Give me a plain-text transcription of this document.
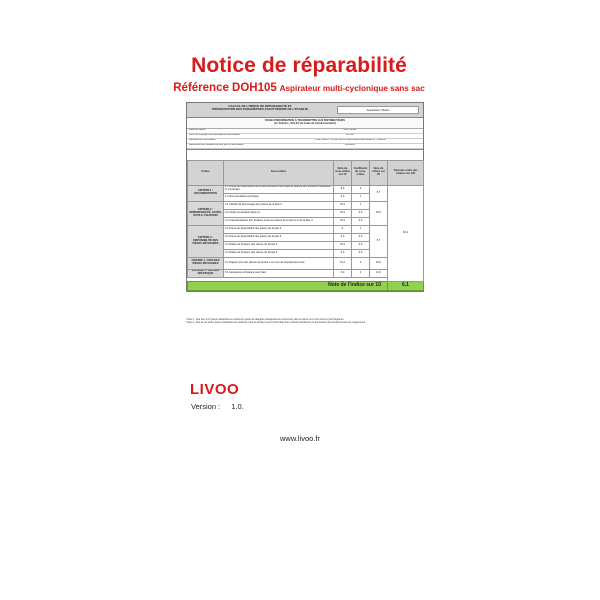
Notice de réparabilité
Référence DOH105 Aspirateur multi-cyclonique sans sac
CALCUL DE L'INDICE DE RÉPARABILITÉ ET
PRÉSENTATION DES PARAMÈTRES AYANT PERMIS DE L'ÉTABLIR	Aspirateur (filaire
FICHE D'INFORMATION À TRANSMETTRE AUX DISTRIBUTEURS
(cf. Article L. 541-9-2 du Code de l'environnement)
Date du calcul	26/07/2022
Nom ou marque commerciale du fournisseur	LIVOO
Adresse du fournisseur	1 rue Peclet - 87400 SAINT-LEONARD-DE-NOBLAT - France
Référence du modèle donnée par le fournisseur	DOH105
Critère	Sous-critère	Note du sous-critère sur 10	Coefficient du sous-critère	Note du critère sur 20	Total des notes des critères sur 100
CRITÈRE 1 : DOCUMENTATION	1.1 Durée de disponibilité de la documentation technique et relative aux conseils d'utilisation et d'entretien	6,0	2	5,7	63,2
	1.2 Documentation technique	4,0	1		
CRITÈRE 2 : DÉMONTABILITÉ, ACCÈS, OUTILS, FIXATIONS	2.1 Facilité de démontage des pièces de la liste 2	10,0	1	20,0	
	2.2 Outils nécessaires (liste 2)	10,0	0,5		
	2.3 Caractéristiques des fixations entre les pièces de la liste 2 et de la liste 3	10,0	0,5		
CRITÈRE 3 : DISPONIBILITÉ DES PIÈCES DÉTACHÉES	3.1 Durée de disponibilité des pièces de la liste 2	0	1	5,7	
	3.2 Durée de disponibilité des pièces de la liste 3	2,0	0,5		
	3.3 Délais de livraison des pièces de la liste 2	10,0	0,5		
	3.4 Délais de livraison des pièces de la liste 3	2,0	0,2		
CRITÈRE 4 : PRIX DES PIÈCES DÉTACHÉES	4.1 Rapport prix des pièces de la liste 2 sur prix de l'équipement neuf	10,0	2	20,0	
CRITÈRE 5 : CRITÈRE SPÉCIFIQUE	5.1 Assistance à distance sans frais	6,0	2	12,0	

Note de l'indice sur 10					6,1
*Liste 2 : liste des 3 à 5 pièces détachées au maximum (selon la catégorie d'équipements concernée) dont le panne ou le bris sont les plus fréquents.
*Liste 3 : liste de 10 autres pièces détachées au maximum hors de la liste 2 qui ont fait l'objet d'un contrôle fonctionnel ou directement au fonctionnement de l'équipement.
LIVOO
Version : 1.0.
www.livoo.fr
